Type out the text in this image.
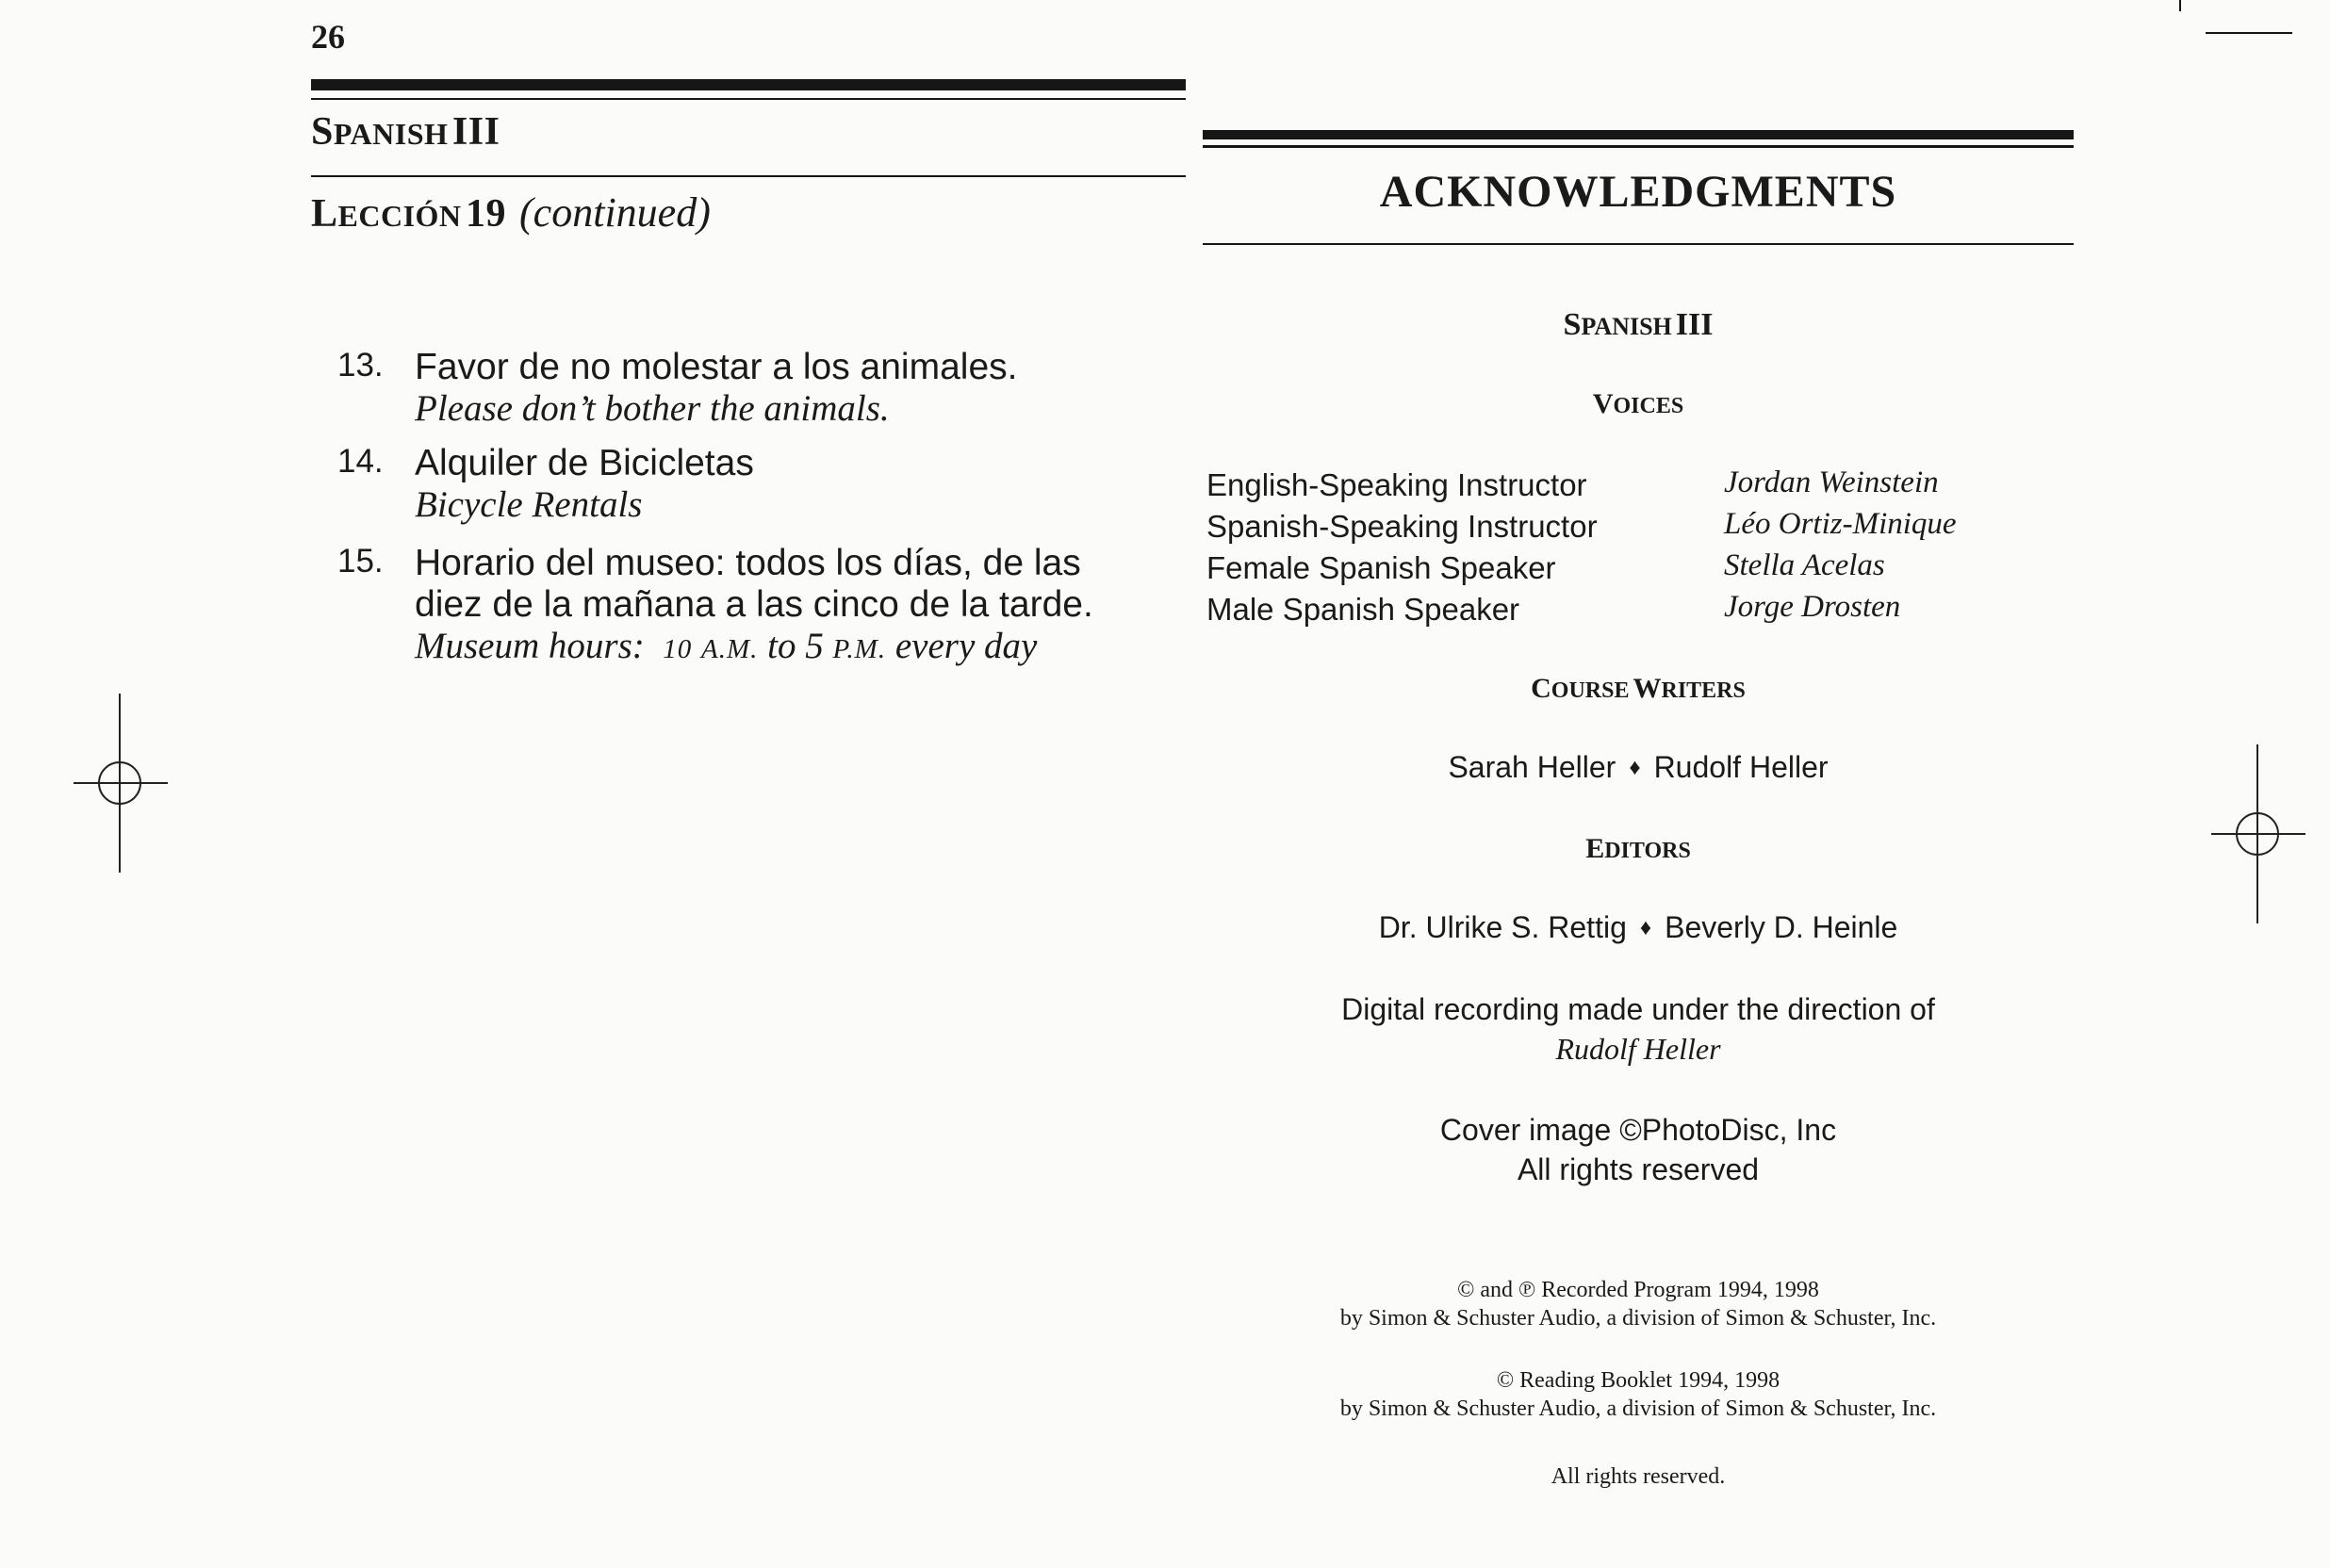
26
SPANISH III
LECCIÓN 19 (continued)
13. Favor de no molestar a los animales.
Please don’t bother the animals.
14. Alquiler de Bicicletas
Bicycle Rentals
15. Horario del museo: todos los días, de las
diez de la mañana a las cinco de la tarde.
Museum hours: 10 A.M. to 5 P.M. every day
ACKNOWLEDGMENTS
SPANISH III
VOICES
English-Speaking Instructor	Jordan Weinstein
Spanish-Speaking Instructor	Léo Ortiz-Minique
Female Spanish Speaker	Stella Acelas
Male Spanish Speaker	Jorge Drosten
COURSE WRITERS
Sarah Heller ♦ Rudolf Heller
EDITORS
Dr. Ulrike S. Rettig ♦ Beverly D. Heinle
Digital recording made under the direction of
Rudolf Heller
Cover image ©PhotoDisc, Inc
All rights reserved
© and ℗ Recorded Program 1994, 1998
by Simon & Schuster Audio, a division of Simon & Schuster, Inc.
© Reading Booklet 1994, 1998
by Simon & Schuster Audio, a division of Simon & Schuster, Inc.
All rights reserved.
